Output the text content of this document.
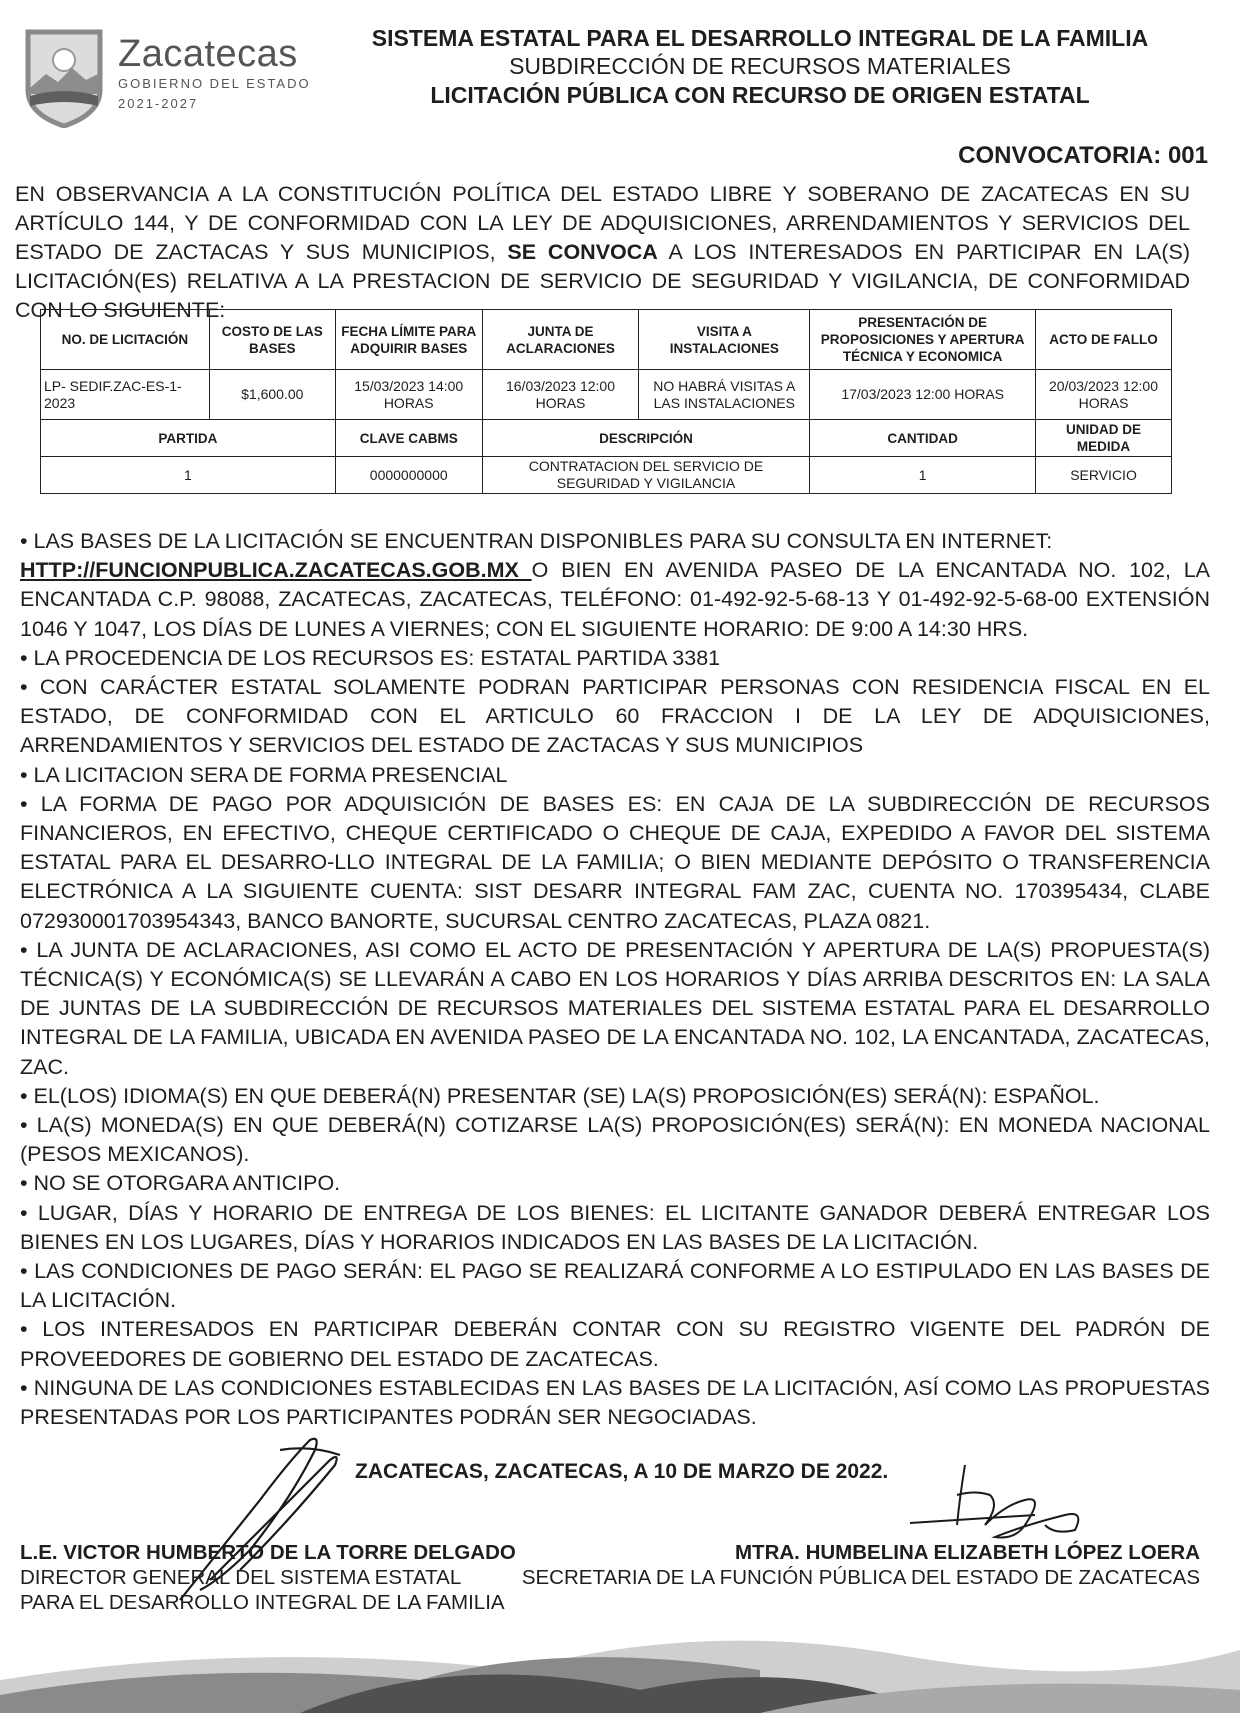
Zacatecas
GOBIERNO DEL ESTADO
2021-2027
SISTEMA ESTATAL PARA EL DESARROLLO INTEGRAL DE LA FAMILIA
SUBDIRECCIÓN DE RECURSOS MATERIALES
LICITACIÓN PÚBLICA CON RECURSO DE ORIGEN ESTATAL
CONVOCATORIA: 001
EN OBSERVANCIA A LA CONSTITUCIÓN POLÍTICA DEL ESTADO LIBRE Y SOBERANO DE ZACATECAS EN SU ARTÍCULO 144, Y DE CONFORMIDAD CON LA LEY DE ADQUISICIONES, ARRENDAMIENTOS Y SERVICIOS DEL ESTADO DE ZACTACAS Y SUS MUNICIPIOS, SE CONVOCA A LOS INTERESADOS EN PARTICIPAR EN LA(S) LICITACIÓN(ES) RELATIVA A LA PRESTACION DE SERVICIO DE SEGURIDAD Y VIGILANCIA, DE CONFORMIDAD CON LO SIGUIENTE:
NO. DE LICITACIÓN	COSTO DE LAS BASES	FECHA LÍMITE PARA ADQUIRIR BASES	JUNTA DE ACLARACIONES	VISITA A INSTALACIONES	PRESENTACIÓN DE PROPOSICIONES Y APERTURA TÉCNICA Y ECONOMICA	ACTO DE FALLO
LP- SEDIF.ZAC-ES-1-2023	$1,600.00	15/03/2023 14:00 HORAS	16/03/2023 12:00 HORAS	NO HABRÁ VISITAS A LAS INSTALACIONES	17/03/2023 12:00 HORAS	20/03/2023 12:00 HORAS
PARTIDA		CLAVE CABMS	DESCRIPCIÓN		CANTIDAD	UNIDAD DE MEDIDA
1		0000000000	CONTRATACION DEL SERVICIO DE SEGURIDAD Y VIGILANCIA		1	SERVICIO

• LAS BASES DE LA LICITACIÓN SE ENCUENTRAN DISPONIBLES PARA SU CONSULTA EN INTERNET:
HTTP://FUNCIONPUBLICA.ZACATECAS.GOB.MX O BIEN EN AVENIDA PASEO DE LA ENCANTADA NO. 102, LA ENCANTADA C.P. 98088, ZACATECAS, ZACATECAS, TELÉFONO: 01-492-92-5-68-13 Y 01-492-92-5-68-00 EXTENSIÓN 1046 Y 1047, LOS DÍAS DE LUNES A VIERNES; CON EL SIGUIENTE HORARIO: DE 9:00 A 14:30 HRS.

• LA PROCEDENCIA DE LOS RECURSOS ES: ESTATAL PARTIDA 3381

• CON CARÁCTER ESTATAL SOLAMENTE PODRAN PARTICIPAR PERSONAS CON RESIDENCIA FISCAL EN EL ESTADO, DE CONFORMIDAD CON EL ARTICULO 60 FRACCION I DE LA LEY DE ADQUISICIONES, ARRENDAMIENTOS Y SERVICIOS DEL ESTADO DE ZACTACAS Y SUS MUNICIPIOS

• LA LICITACION SERA DE FORMA PRESENCIAL

• LA FORMA DE PAGO POR ADQUISICIÓN DE BASES ES: EN CAJA DE LA SUBDIRECCIÓN DE RECURSOS FINANCIEROS, EN EFECTIVO, CHEQUE CERTIFICADO O CHEQUE DE CAJA, EXPEDIDO A FAVOR DEL SISTEMA ESTATAL PARA EL DESARRO-LLO INTEGRAL DE LA FAMILIA; O BIEN MEDIANTE DEPÓSITO O TRANSFERENCIA ELECTRÓNICA A LA SIGUIENTE CUENTA: SIST DESARR INTEGRAL FAM ZAC, CUENTA NO. 170395434, CLABE 072930001703954343, BANCO BANORTE, SUCURSAL CENTRO ZACATECAS, PLAZA 0821.

• LA JUNTA DE ACLARACIONES, ASI COMO EL ACTO DE PRESENTACIÓN Y APERTURA DE LA(S) PROPUESTA(S) TÉCNICA(S) Y ECONÓMICA(S) SE LLEVARÁN A CABO EN LOS HORARIOS Y DÍAS ARRIBA DESCRITOS EN: LA SALA DE JUNTAS DE LA SUBDIRECCIÓN DE RECURSOS MATERIALES DEL SISTEMA ESTATAL PARA EL DESARROLLO INTEGRAL DE LA FAMILIA, UBICADA EN AVENIDA PASEO DE LA ENCANTADA NO. 102, LA ENCANTADA, ZACATECAS, ZAC.

• EL(LOS) IDIOMA(S) EN QUE DEBERÁ(N) PRESENTAR (SE) LA(S) PROPOSICIÓN(ES) SERÁ(N): ESPAÑOL.

• LA(S) MONEDA(S) EN QUE DEBERÁ(N) COTIZARSE LA(S) PROPOSICIÓN(ES) SERÁ(N): EN MONEDA NACIONAL (PESOS MEXICANOS).

• NO SE OTORGARA ANTICIPO.

• LUGAR, DÍAS Y HORARIO DE ENTREGA DE LOS BIENES: EL LICITANTE GANADOR DEBERÁ ENTREGAR LOS BIENES EN LOS LUGARES, DÍAS Y HORARIOS INDICADOS EN LAS BASES DE LA LICITACIÓN.

• LAS CONDICIONES DE PAGO SERÁN: EL PAGO SE REALIZARÁ CONFORME A LO ESTIPULADO EN LAS BASES DE LA LICITACIÓN.

• LOS INTERESADOS EN PARTICIPAR DEBERÁN CONTAR CON SU REGISTRO VIGENTE DEL PADRÓN DE PROVEEDORES DE GOBIERNO DEL ESTADO DE ZACATECAS.

• NINGUNA DE LAS CONDICIONES ESTABLECIDAS EN LAS BASES DE LA LICITACIÓN, ASÍ COMO LAS PROPUESTAS PRESENTADAS POR LOS PARTICIPANTES PODRÁN SER NEGOCIADAS.

ZACATECAS, ZACATECAS, A 10 DE MARZO DE 2022.
L.E. VICTOR HUMBERTO DE LA TORRE DELGADO
DIRECTOR GENERAL DEL SISTEMA ESTATAL
PARA EL DESARROLLO INTEGRAL DE LA FAMILIA
MTRA. HUMBELINA ELIZABETH LÓPEZ LOERA
SECRETARIA DE LA FUNCIÓN PÚBLICA DEL ESTADO DE ZACATECAS
